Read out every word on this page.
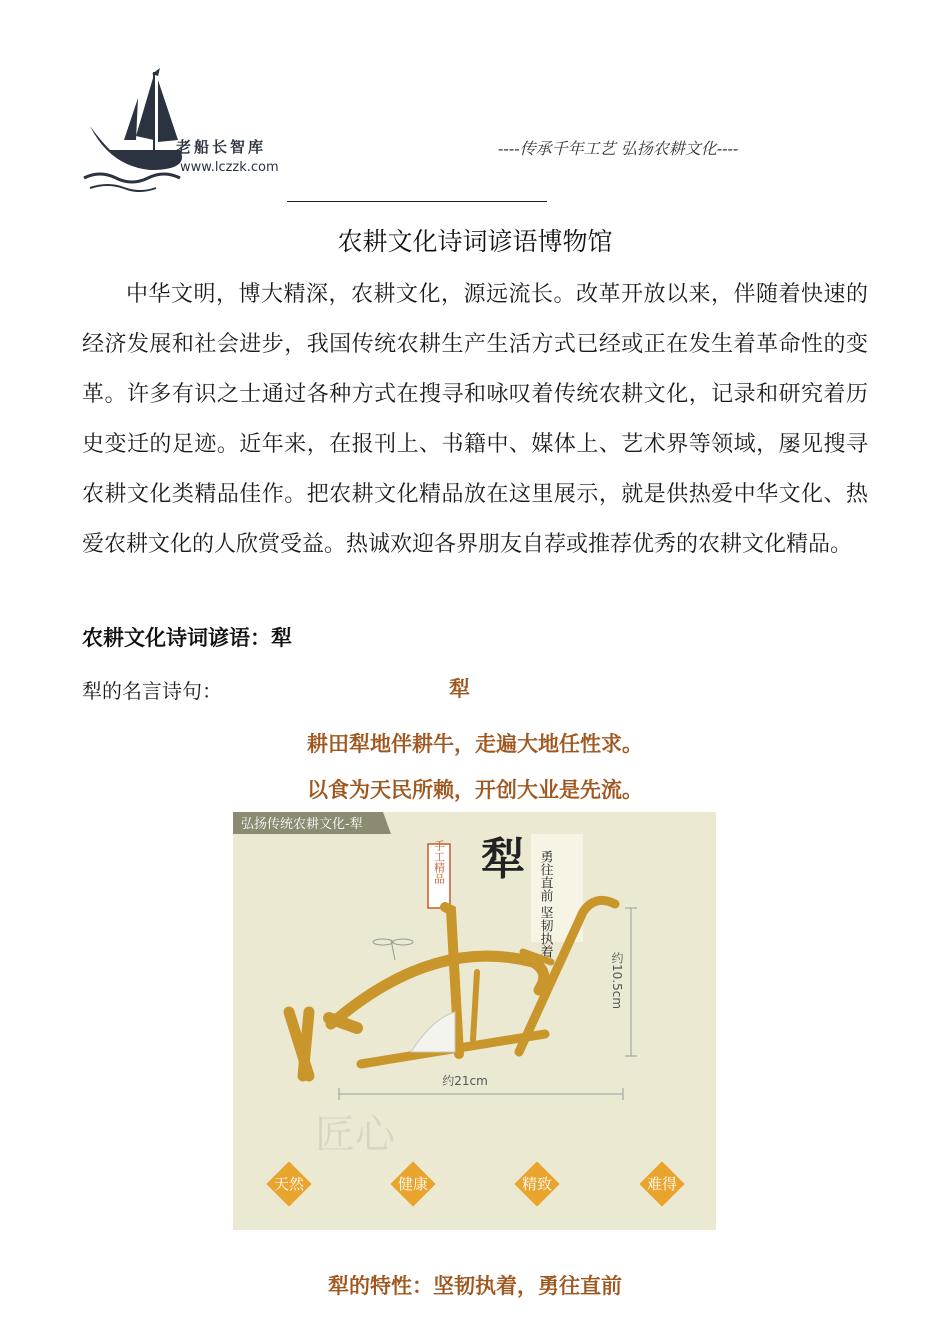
老船长智库
www.lczzk.com
----传承千年工艺 弘扬农耕文化----
农耕文化诗词谚语博物馆

中华文明，博大精深，农耕文化，源远流长。改革开放以来，伴随着快速的经济发展和社会进步，我国传统农耕生产生活方式已经或正在发生着革命性的变革。许多有识之士通过各种方式在搜寻和咏叹着传统农耕文化，记录和研究着历史变迁的足迹。近年来，在报刊上、书籍中、媒体上、艺术界等领域，屡见搜寻农耕文化类精品佳作。把农耕文化精品放在这里展示，就是供热爱中华文化、热爱农耕文化的人欣赏受益。热诚欢迎各界朋友自荐或推荐优秀的农耕文化精品。

农耕文化诗词谚语：犁
犁的名言诗句：	犁
耕田犁地伴耕牛，走遍大地任性求。
以食为天民所赖，开创大业是先流。
弘扬传统农耕文化-犁
手工精品 犁 勇往直前 坚韧执着
约21cm
约10.5cm
匠心
天然	健康	精致	难得
犁的特性：坚韧执着，勇往直前
